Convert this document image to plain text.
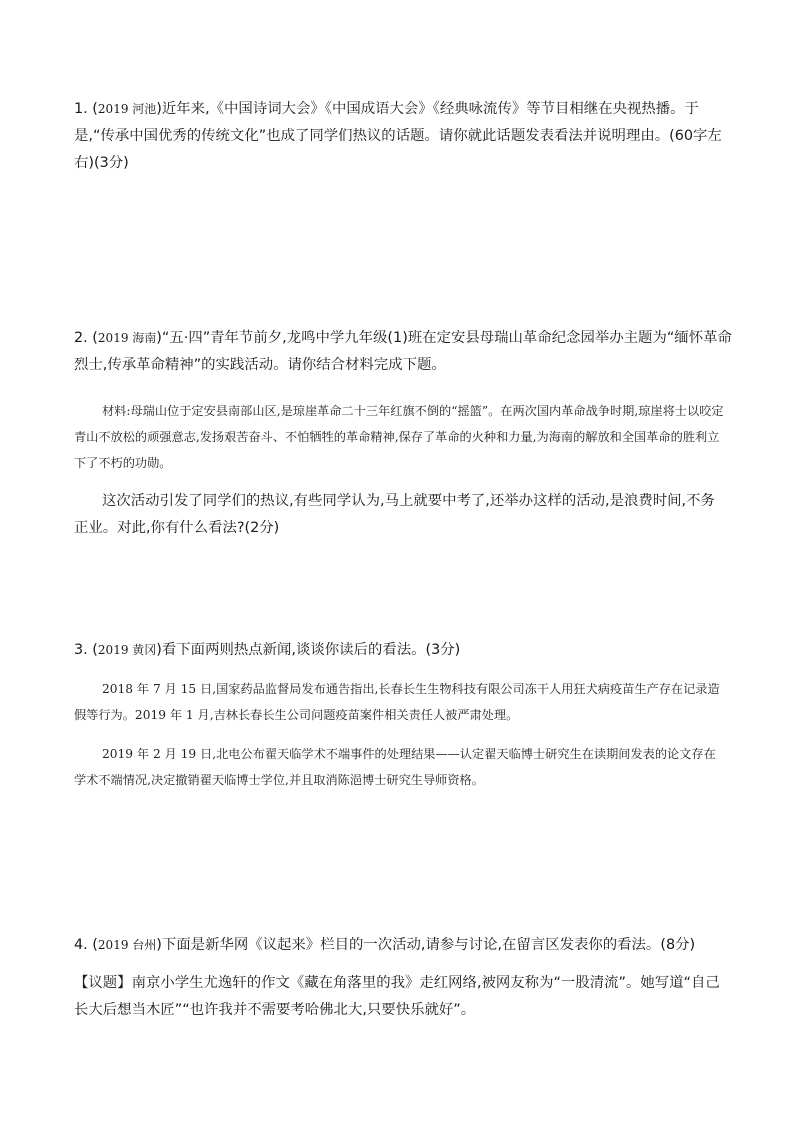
1. (2019 河池)近年来,《中国诗词大会》《中国成语大会》《经典咏流传》等节目相继在央视热播。于是,“传承中国优秀的传统文化”也成了同学们热议的话题。请你就此话题发表看法并说明理由。(60字左右)(3分)

2. (2019 海南)“五·四”青年节前夕,龙鸣中学九年级(1)班在定安县母瑞山革命纪念园举办主题为“缅怀革命烈士,传承革命精神”的实践活动。请你结合材料完成下题。

材料:母瑞山位于定安县南部山区,是琼崖革命二十三年红旗不倒的“摇篮”。在两次国内革命战争时期,琼崖将士以咬定青山不放松的顽强意志,发扬艰苦奋斗、不怕牺牲的革命精神,保存了革命的火种和力量,为海南的解放和全国革命的胜利立下了不朽的功勋。

这次活动引发了同学们的热议,有些同学认为,马上就要中考了,还举办这样的活动,是浪费时间,不务正业。对此,你有什么看法?(2分)

3. (2019 黄冈)看下面两则热点新闻,谈谈你读后的看法。(3分)

2018 年 7 月 15 日,国家药品监督局发布通告指出,长春长生生物科技有限公司冻干人用狂犬病疫苗生产存在记录造假等行为。2019 年 1 月,吉林长春长生公司问题疫苗案件相关责任人被严肃处理。

2019 年 2 月 19 日,北电公布翟天临学术不端事件的处理结果——认定翟天临博士研究生在读期间发表的论文存在学术不端情况,决定撤销翟天临博士学位,并且取消陈浥博士研究生导师资格。

4. (2019 台州)下面是新华网《议起来》栏目的一次活动,请参与讨论,在留言区发表你的看法。(8分)

【议题】南京小学生尤逸轩的作文《藏在角落里的我》走红网络,被网友称为“一股清流”。她写道“自己长大后想当木匠”“也许我并不需要考哈佛北大,只要快乐就好”。
